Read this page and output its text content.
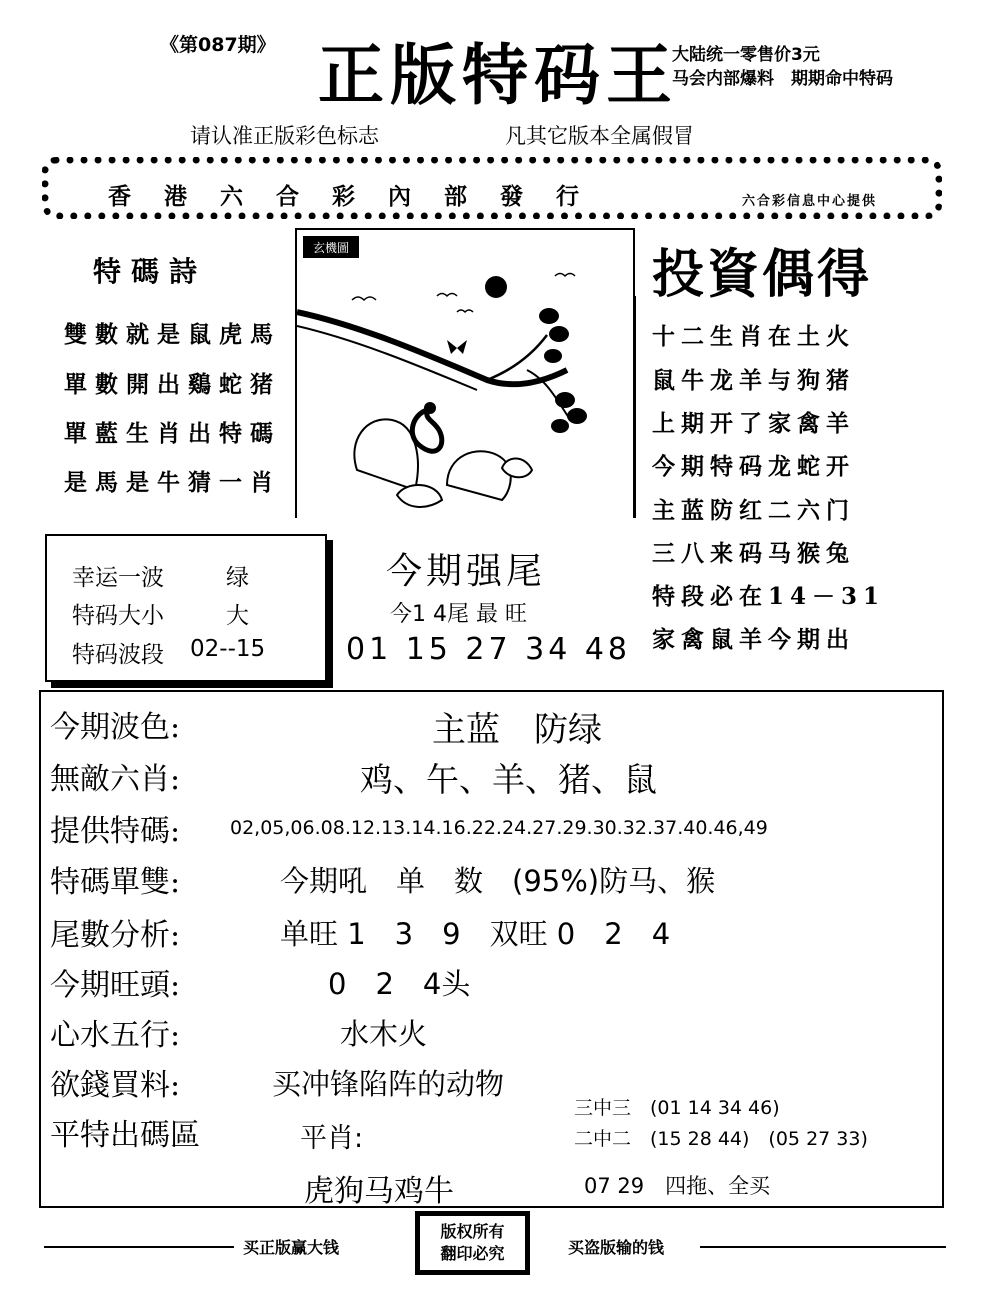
《第087期》 正版特码王
大陆统一零售价3元
马会内部爆料　期期命中特码
请认准正版彩色标志	凡其它版本全属假冒
香港六合彩內部發行	六合彩信息中心提供
特碼詩
雙數就是鼠虎馬
單數開出鷄蛇猪
單藍生肖出特碼
是馬是牛猜一肖
玄機圖	投資偶得
十二生肖在土火
鼠牛龙羊与狗猪
上期开了家禽羊
今期特码龙蛇开
主蓝防红二六门
三八来码马猴兔
特段必在14－31
家禽鼠羊今期出
幸运一波	绿
特码大小	大
特码波段 02--15
今期强尾
今1 4尾 最 旺
01 15 27 34 48
今期波色:	主蓝　防绿
無敵六肖:	鸡、午、羊、猪、鼠
提供特碼:	02,05,06.08.12.13.14.16.22.24.27.29.30.32.37.40.46,49
特碼單雙:	今期吼　单　数　(95%)防马、猴
尾數分析:	单旺 1　3　9　双旺 0　2　4
今期旺頭:	0　2　4头
心水五行:	水木火
欲錢買料:	买冲锋陷阵的动物
平特出碼區	平肖:
虎狗马鸡牛
三中三　(01 14 34 46)
二中二　(15 28 44)　(05 27 33)
07 29　四拖、全买
买正版赢大钱
版权所有
翻印必究	买盗版输的钱
